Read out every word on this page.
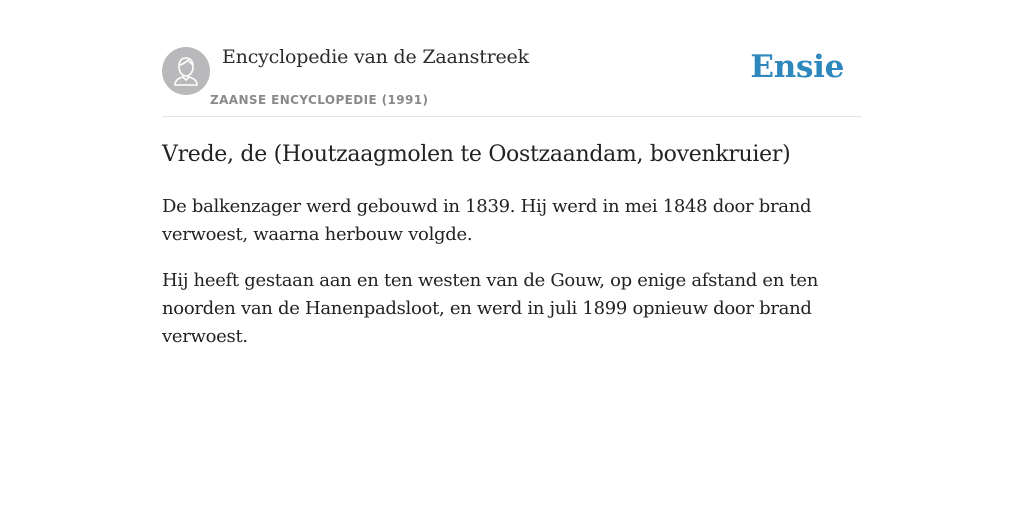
Encyclopedie van de Zaanstreek
ZAANSE ENCYCLOPEDIE (1991)
Ensie
Vrede, de (Houtzaagmolen te Oostzaandam, bovenkruier)

De balkenzager werd gebouwd in 1839. Hij werd in mei 1848 door brand verwoest, waarna herbouw volgde.

Hij heeft gestaan aan en ten westen van de Gouw, op enige afstand en ten noorden van de Hanenpadsloot, en werd in juli 1899 opnieuw door brand verwoest.
